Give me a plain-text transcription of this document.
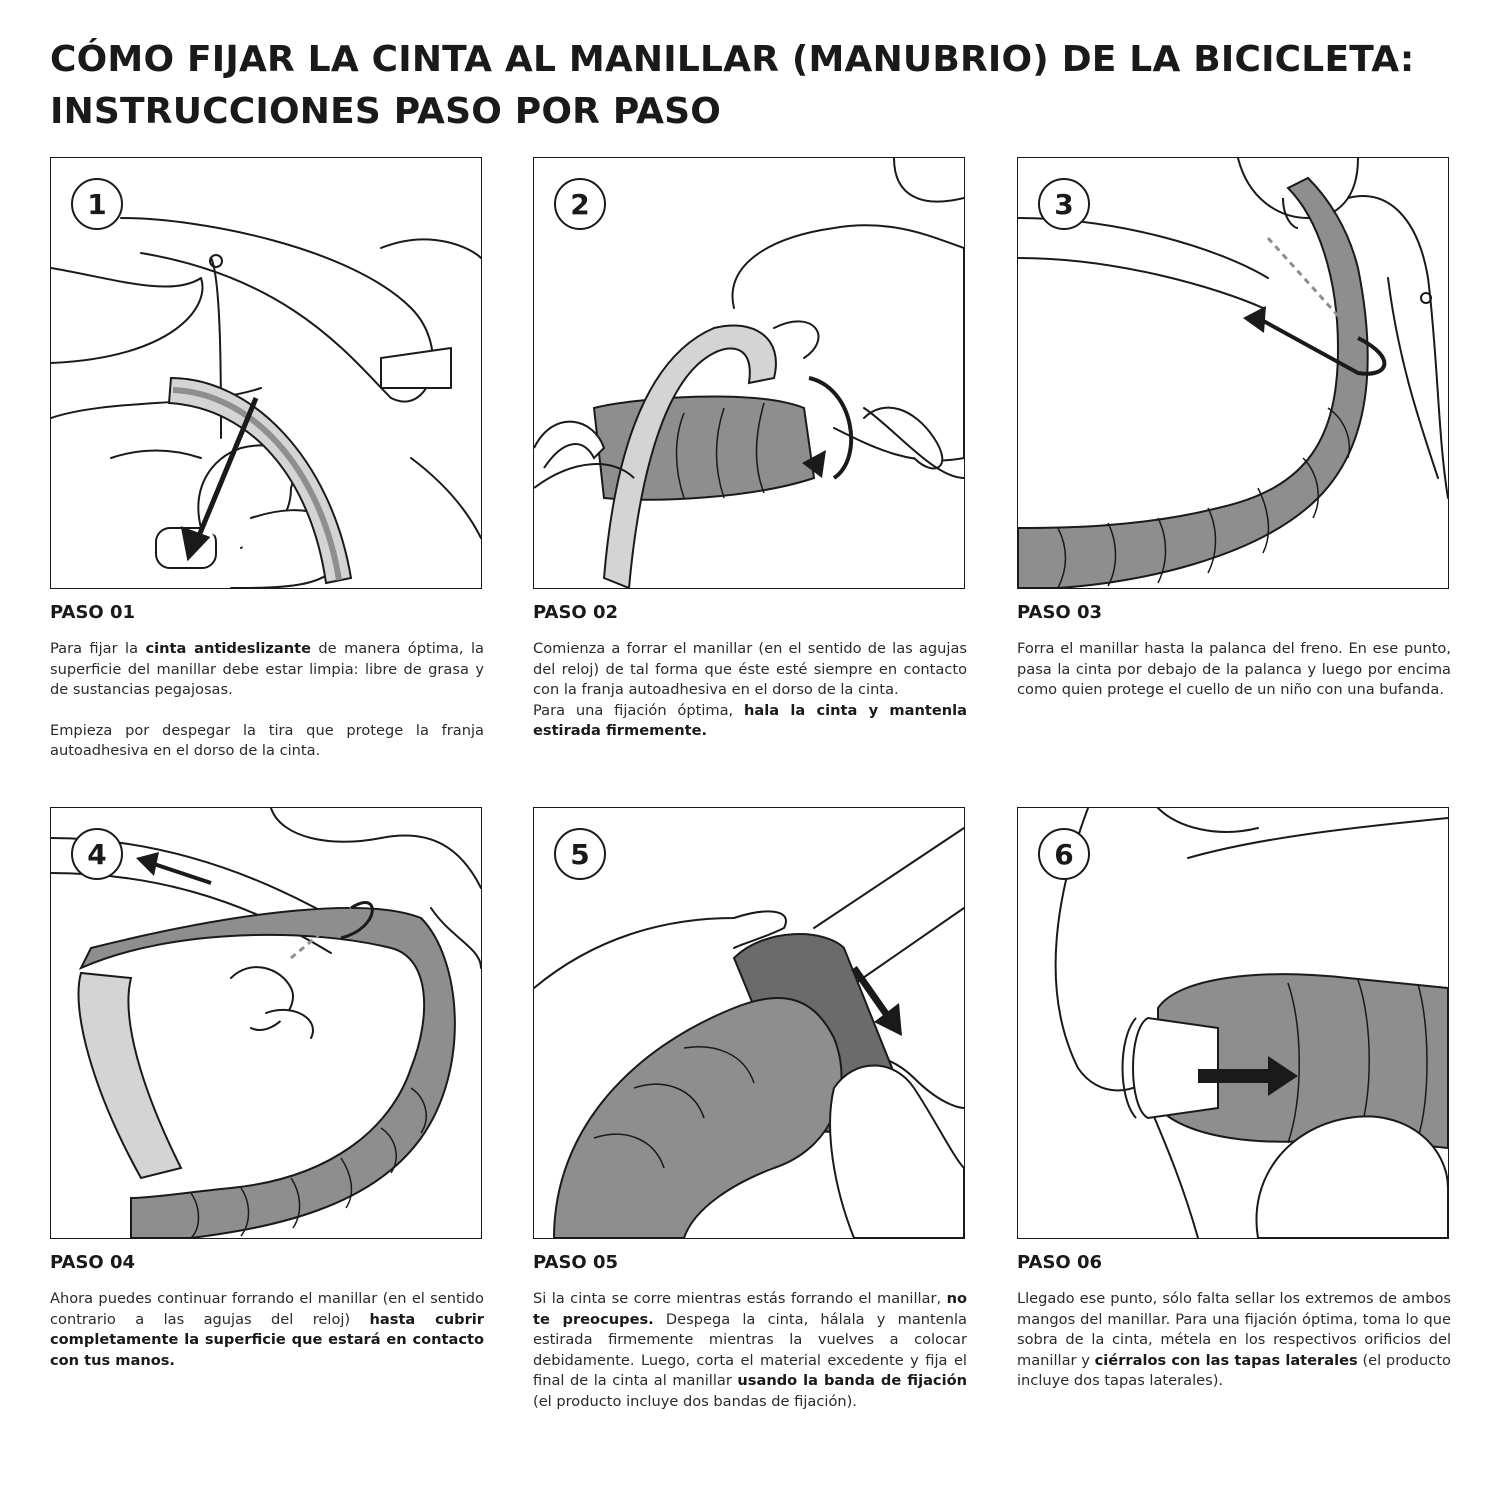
CÓMO FIJAR LA CINTA AL MANILLAR (MANUBRIO) DE LA BICICLETA:
INSTRUCCIONES PASO POR PASO
1
PASO 01

Para fijar la cinta antideslizante de manera óptima, la superficie del manillar debe estar limpia: libre de grasa y de sustancias pegajosas.

Empieza por despegar la tira que protege la franja autoadhesiva en el dorso de la cinta.

2
PASO 02

Comienza a forrar el manillar (en el sentido de las agujas del reloj) de tal forma que éste esté siempre en contacto con la franja autoadhesiva en el dorso de la cinta.

Para una fijación óptima, hala la cinta y mantenla estirada firmemente.

3
PASO 03

Forra el manillar hasta la palanca del freno. En ese punto, pasa la cinta por debajo de la palanca y luego por encima como quien protege el cuello de un niño con una bufanda.

4
PASO 04

Ahora puedes continuar forrando el manillar (en el sentido contrario a las agujas del reloj) hasta cubrir completamente la superficie que estará en contacto con tus manos.

5
PASO 05

Si la cinta se corre mientras estás forrando el manillar, no te preocupes. Despega la cinta, hálala y mantenla estirada firmemente mientras la vuelves a colocar debidamente. Luego, corta el material excedente y fija el final de la cinta al manillar usando la banda de fijación (el producto incluye dos bandas de fijación).

6
PASO 06

Llegado ese punto, sólo falta sellar los extremos de ambos mangos del manillar. Para una fijación óptima, toma lo que sobra de la cinta, métela en los respectivos orificios del manillar y ciérralos con las tapas laterales (el producto incluye dos tapas laterales).
